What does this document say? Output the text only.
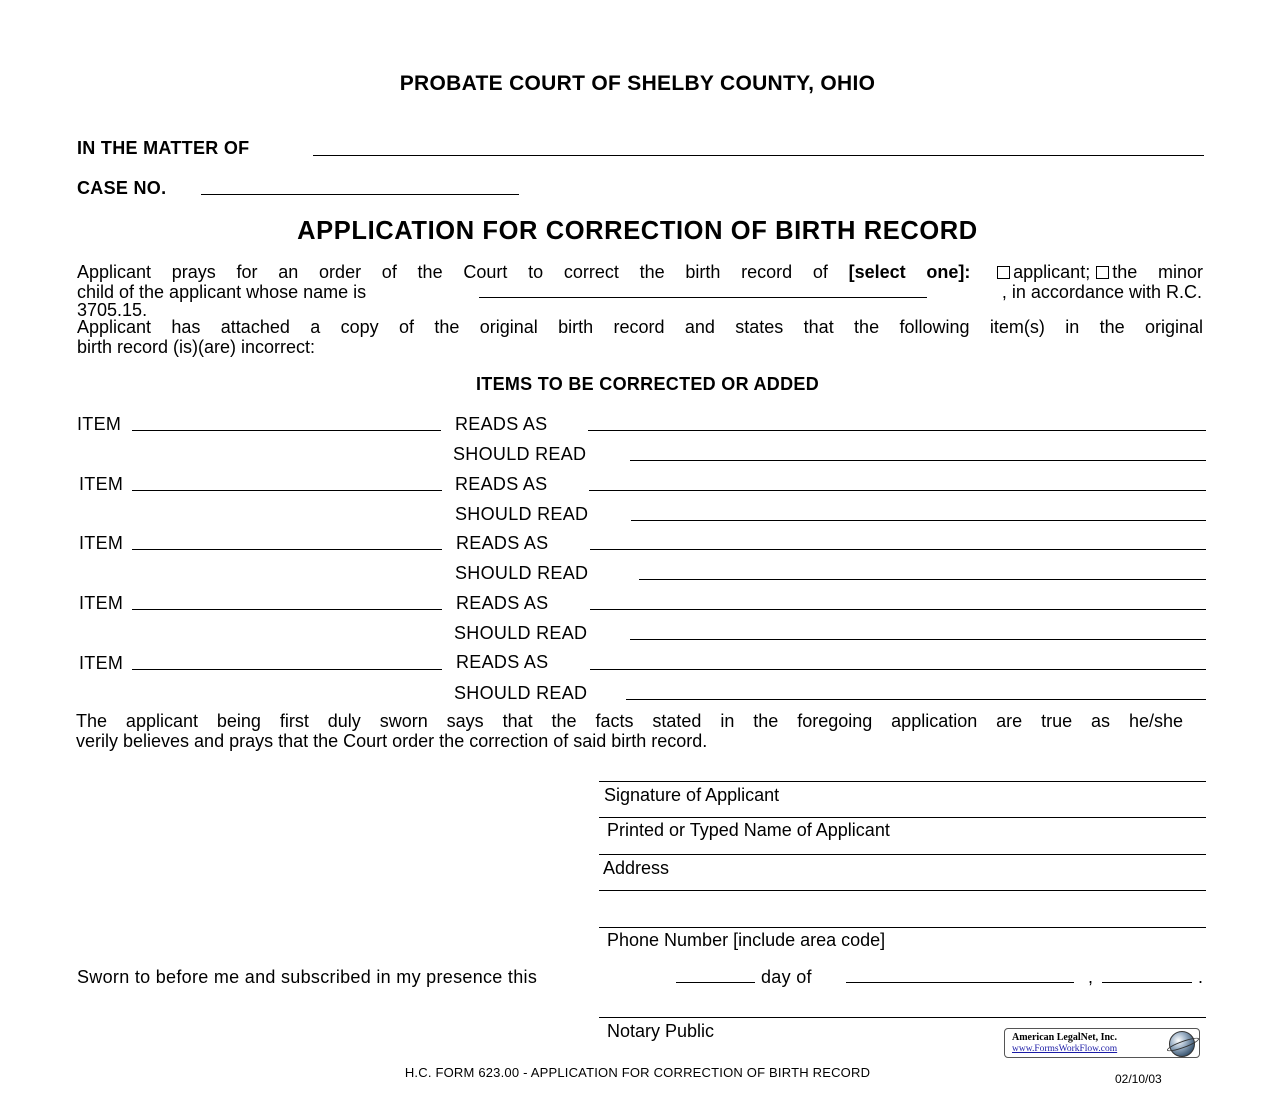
PROBATE COURT OF SHELBY COUNTY, OHIO
IN THE MATTER OF
CASE NO.
APPLICATION FOR CORRECTION OF BIRTH RECORD
Applicant prays for an order of the Court to correct the birth record of [select one]: applicant; the minor
child of the applicant whose name is	, in accordance with R.C.
3705.15.
Applicant has attached a copy of the original birth record and states that the following item(s) in the original
birth record (is)(are) incorrect:
ITEMS TO BE CORRECTED OR ADDED
ITEM	READS AS
SHOULD READ
ITEM	READS AS
SHOULD READ
ITEM	READS AS
SHOULD READ
ITEM	READS AS
SHOULD READ
ITEM	READS AS
SHOULD READ
The applicant being first duly sworn says that the facts stated in the foregoing application are true as he/she
verily believes and prays that the Court order the correction of said birth record.
Signature of Applicant
Printed or Typed Name of Applicant
Address
Phone Number [include area code]
Sworn to before me and subscribed in my presence this	day of	,	.
Notary Public	American LegalNet, Inc.
www.FormsWorkFlow.com
H.C. FORM 623.00 - APPLICATION FOR CORRECTION OF BIRTH RECORD	02/10/03
